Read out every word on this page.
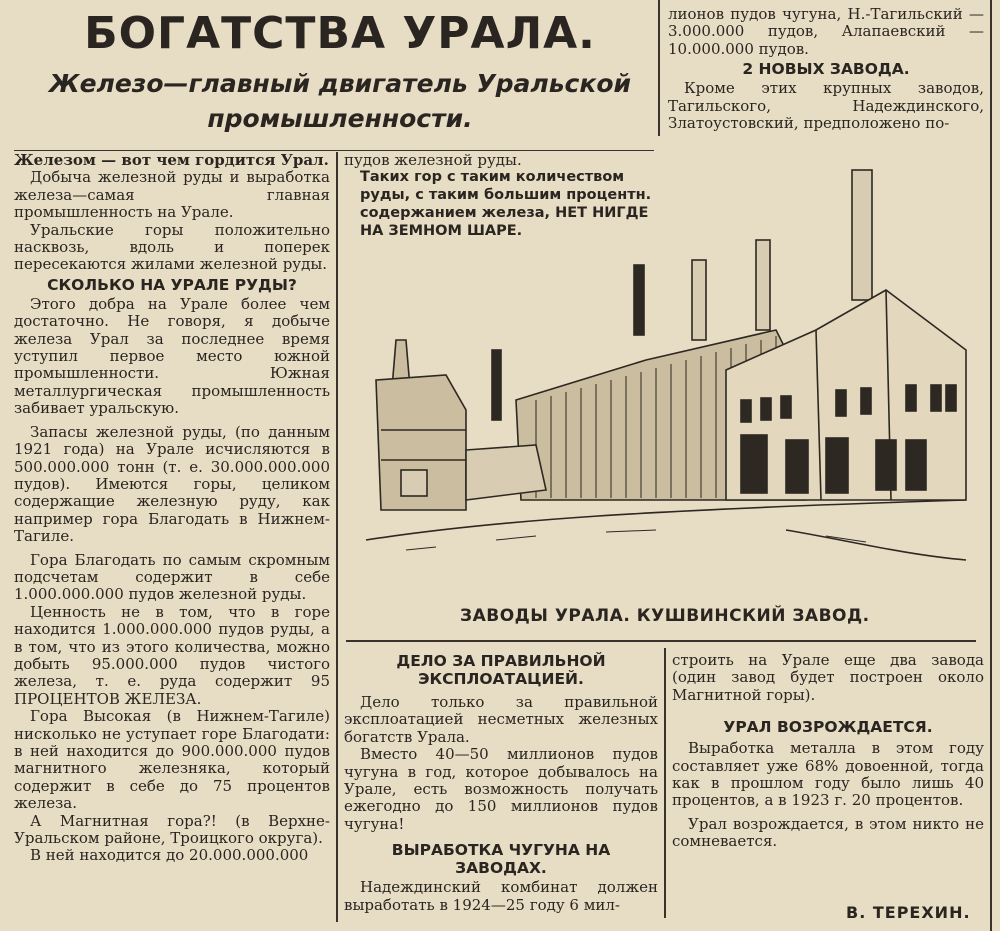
БОГАТСТВА УРАЛА.
Железо—главный двигатель Уральской
промышленности.

Железом — вот чем гордится Урал.

Добыча железной руды и выработка железа—самая главная промышленность на Урале.

Уральские горы положительно насквозь, вдоль и поперек пересекаются жилами железной руды.

СКОЛЬКО НА УРАЛЕ РУДЫ?

Этого добра на Урале более чем достаточно. Не говоря, я добыче железа Урал за последнее время уступил первое место южной промышленности. Южная металлургическая промышленность забивает уральскую.

Запасы железной руды, (по данным 1921 года) на Урале исчисляются в 500.000.000 тонн (т. е. 30.000.000.000 пудов). Имеются горы, целиком содержащие железную руду, как например гора Благодать в Нижнем-Тагиле.

Гора Благодать по самым скромным подсчетам содержит в себе 1.000.000.000 пудов железной руды.

Ценность не в том, что в горе находится 1.000.000.000 пудов руды, а в том, что из этого количества, можно добыть 95.000.000 пудов чистого железа, т. е. руда содержит 95 ПРОЦЕНТОВ ЖЕЛЕЗА.

Гора Высокая (в Нижнем-Тагиле) нисколько не уступает горе Благодати: в ней находится до 900.000.000 пудов магнитного железняка, который содержит в себе до 75 процентов железа.

А Магнитная гора?! (в Верхне-Уральском районе, Троицкого округа).

В ней находится до 20.000.000.000

пудов железной руды.

Таких гор с таким количеством руды, с таким большим процентн. содержанием железа, НЕТ НИГДЕ НА ЗЕМНОМ ШАРЕ.

лионов пудов чугуна, Н.-Тагильский — 3.000.000 пудов, Алапаевский — 10.000.000 пудов.

2 НОВЫХ ЗАВОДА.

Кроме этих крупных заводов, Тагильского, Надеждинского, Златоустовский, предположено по-

ЗАВОДЫ УРАЛА. КУШВИНСКИЙ ЗАВОД.
ДЕЛО ЗА ПРАВИЛЬНОЙ ЭКСПЛОАТАЦИЕЙ.

Дело только за правильной эксплоатацией несметных железных богатств Урала.

Вместо 40—50 миллионов пудов чугуна в год, которое добывалось на Урале, есть возможность получать ежегодно до 150 миллионов пудов чугуна!

ВЫРАБОТКА ЧУГУНА НА ЗАВОДАХ.

Надеждинский комбинат должен выработать в 1924—25 году 6 мил-

строить на Урале еще два завода (один завод будет построен около Магнитной горы).

УРАЛ ВОЗРОЖДАЕТСЯ.

Выработка металла в этом году составляет уже 68% довоенной, тогда как в прошлом году было лишь 40 процентов, а в 1923 г. 20 процентов.

Урал возрождается, в этом никто не сомневается.

В. ТЕРЕХИН.
